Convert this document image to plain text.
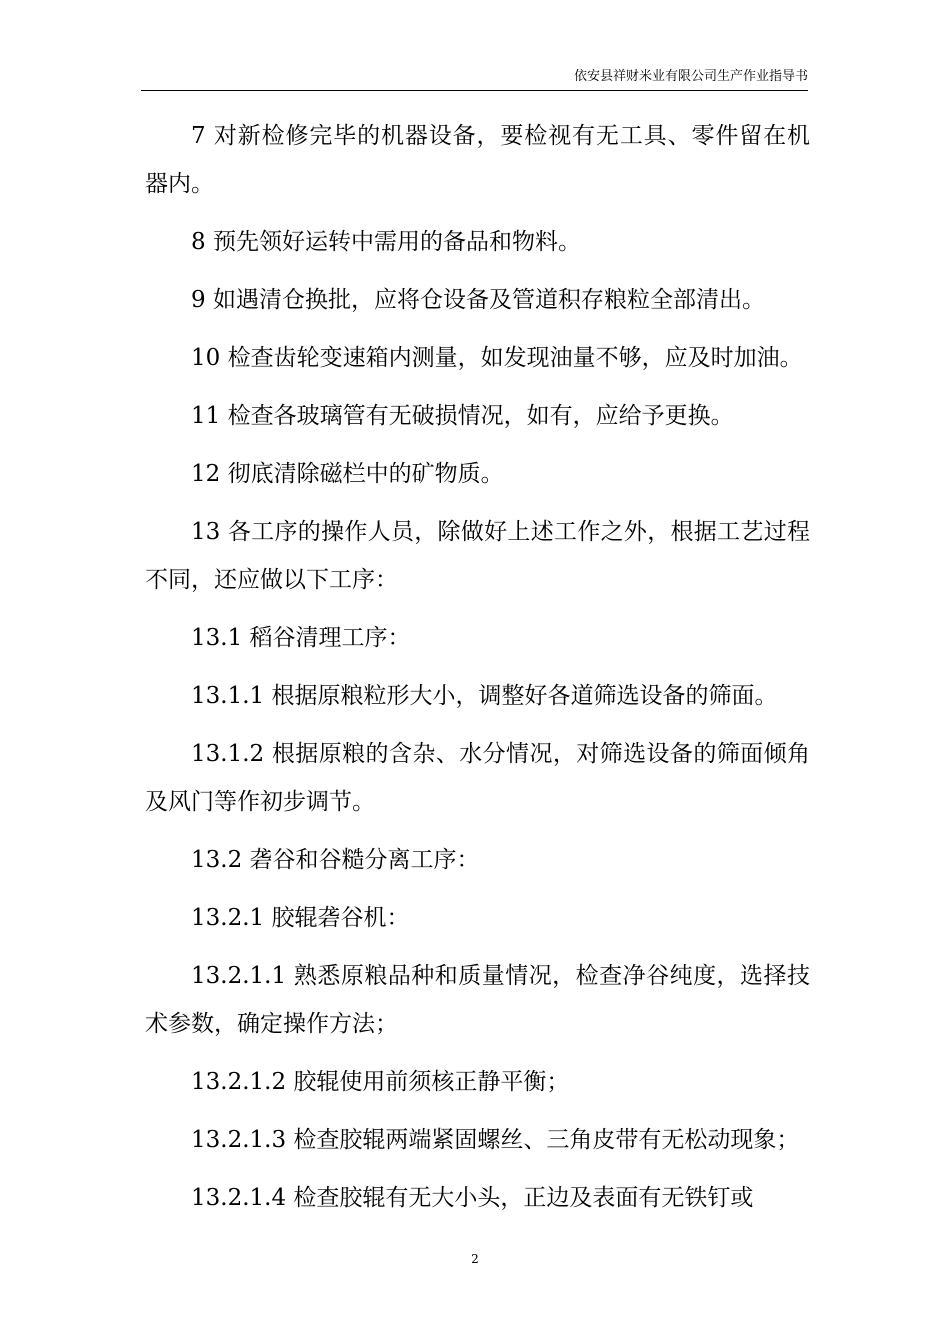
依安县祥财米业有限公司生产作业指导书

7 对新检修完毕的机器设备，要检视有无工具、零件留在机器内。

8 预先领好运转中需用的备品和物料。

9 如遇清仓换批，应将仓设备及管道积存粮粒全部清出。

10 检查齿轮变速箱内测量，如发现油量不够，应及时加油。

11 检查各玻璃管有无破损情况，如有，应给予更换。

12 彻底清除磁栏中的矿物质。

13 各工序的操作人员，除做好上述工作之外，根据工艺过程不同，还应做以下工序：

13.1 稻谷清理工序：

13.1.1 根据原粮粒形大小，调整好各道筛选设备的筛面。

13.1.2 根据原粮的含杂、水分情况，对筛选设备的筛面倾角及风门等作初步调节。

13.2 砻谷和谷糙分离工序：

13.2.1 胶辊砻谷机：

13.2.1.1 熟悉原粮品种和质量情况，检查净谷纯度，选择技术参数，确定操作方法；

13.2.1.2 胶辊使用前须核正静平衡；

13.2.1.3 检查胶辊两端紧固螺丝、三角皮带有无松动现象；

13.2.1.4 检查胶辊有无大小头，正边及表面有无铁钉或

2
